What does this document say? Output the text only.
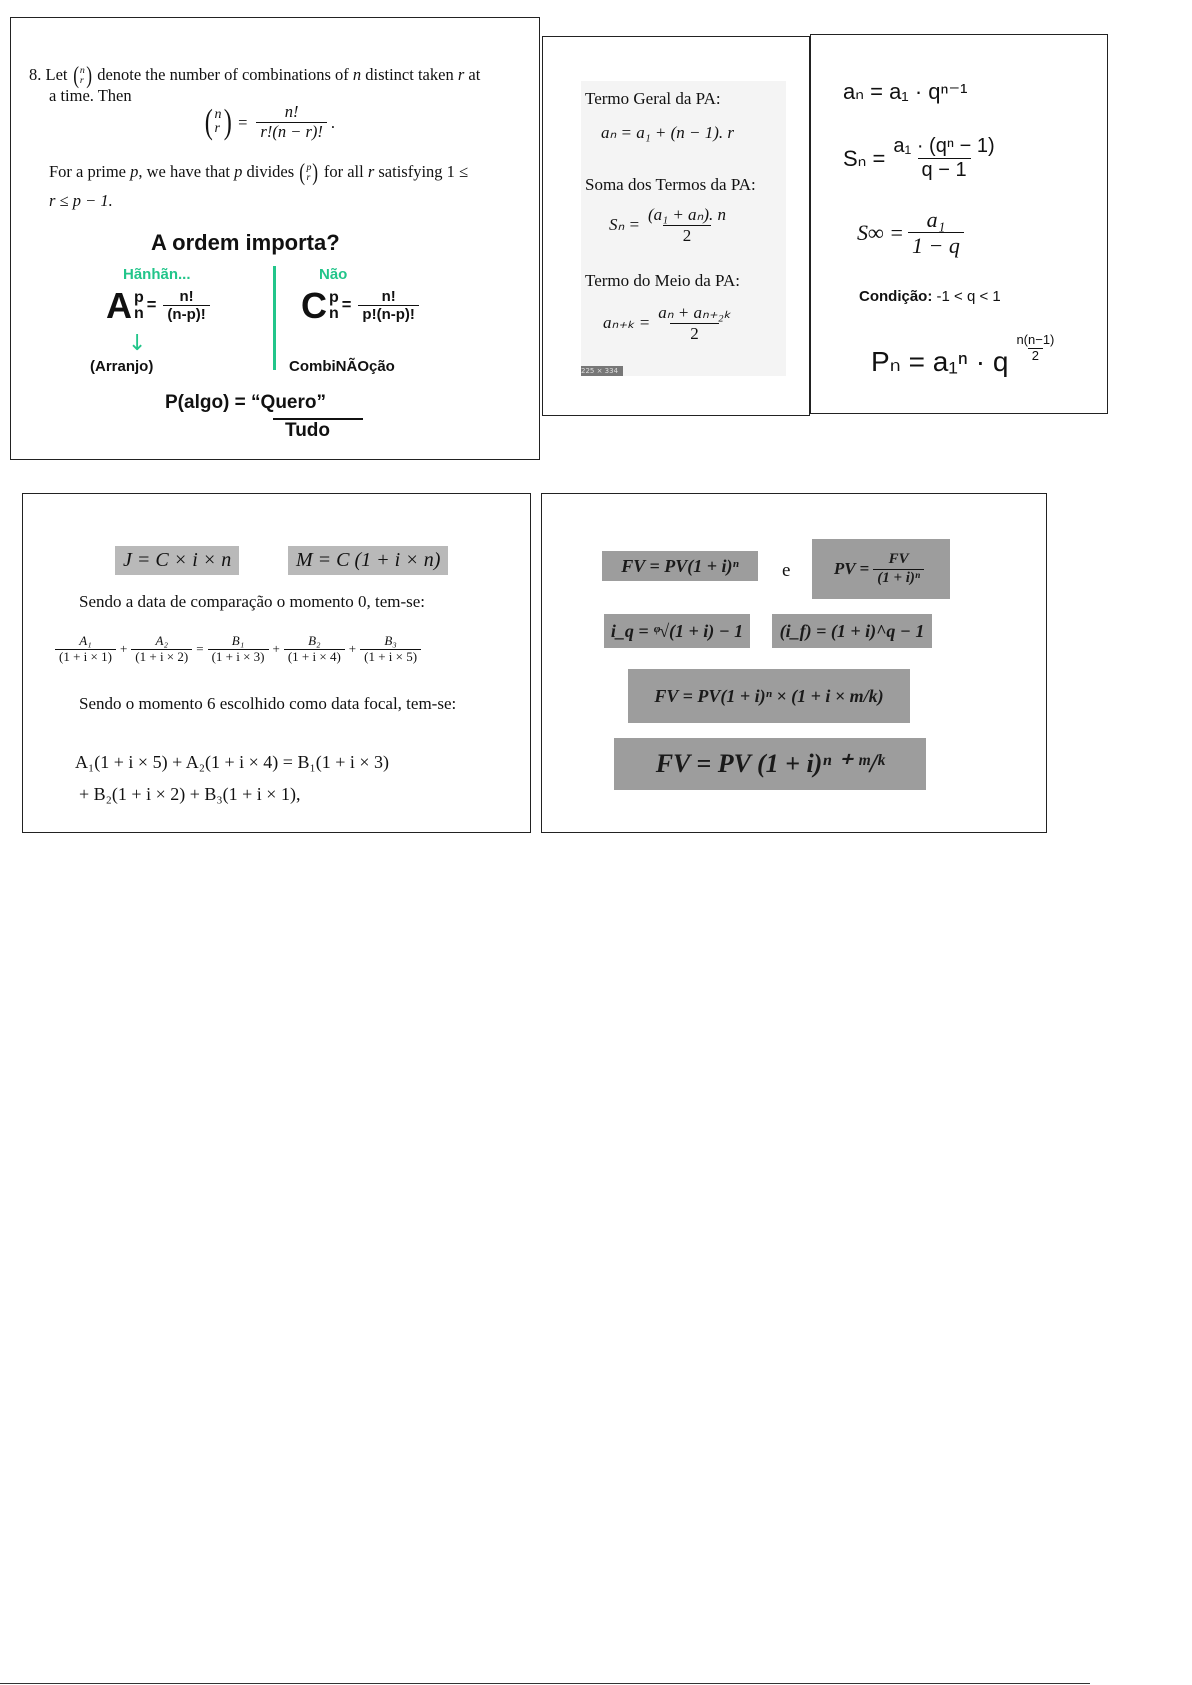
8. Let ( n
r ) denote the number of combinations of n distinct taken r at
a time. Then
( n
r ) = $\frac{n!}{r!(n - r)!}$ .
For a prime p, we have that p divides ( p
r ) for all r satisfying 1 ≤
r ≤ p − 1.
A ordem importa?
Hãnhãn...	Não
A p
$n = \frac{n!}{(n-p)!}$	C p
$n = \frac{n!}{p!(n-p)!}$
↓
(Arranjo)	CombiNÃOção
P(algo) = “Quero”
Tudo
Termo Geral da PA:
aₙ = a₁ + (n − 1). r
Soma dos Termos da PA:
$S_n = \frac{\text{(a₁ + aₙ). n}}{2}$
Termo do Meio da PA:
$a_{n+k} = \frac{\text{aₙ + aₙ₊₂ₖ}}{2}$
225 × 334
aₙ = a₁ · qⁿ⁻¹
$S_n = \frac{\text{a₁ · (qⁿ − 1)}}{q - 1}$
$S\infty = \frac{\text{a₁}}{1 - q}$
Condição: -1 < q < 1
Pₙ = a₁ⁿ · q $\frac{n(n-1)}{2}$
J = C × i × n	M = C (1 + i × n)
Sendo a data de comparação o momento 0, tem-se:
$\frac{\text{A₁}}{(1 + i \times 1)} + \frac{\text{A₂}}{(1 + i \times 2)} = \frac{\text{B₁}}{(1 + i \times 3)} + \frac{\text{B₂}}{(1 + i \times 4)} + \frac{\text{B₃}}{(1 + i \times 5)}$
Sendo o momento 6 escolhido como data focal, tem-se:
A₁(1 + i × 5) + A₂(1 + i × 4) = B₁(1 + i × 3)
+ B₂(1 + i × 2) + B₃(1 + i × 1),
FV = PV(1 + i)ⁿ	e	PV = $\frac{FV}{\text{(1 + i)ⁿ}}$
i_q = ᵠ√(1 + i) − 1	(i_f) = (1 + i)^q − 1
FV = PV(1 + i)ⁿ × (1 + i × m/k)
FV = PV (1 + i)ⁿ ⁺ ᵐ/ᵏ
